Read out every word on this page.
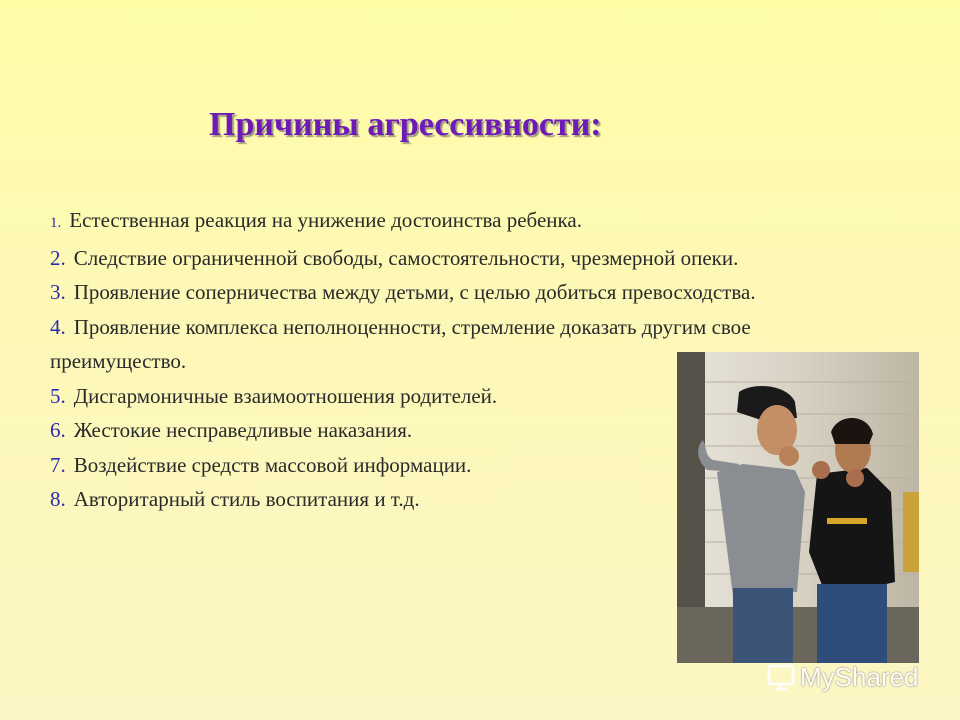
Причины агрессивности:
1. Естественная реакция на унижение достоинства ребенка.
2. Следствие ограниченной свободы, самостоятельности, чрезмерной опеки.
3. Проявление соперничества между детьми, с целью добиться превосходства.
4. Проявление комплекса неполноценности, стремление доказать другим свое преимущество.
5. Дисгармоничные взаимоотношения родителей.
6. Жестокие несправедливые наказания.
7. Воздействие средств массовой информации.
8. Авторитарный стиль воспитания и т.д.
MyShared
